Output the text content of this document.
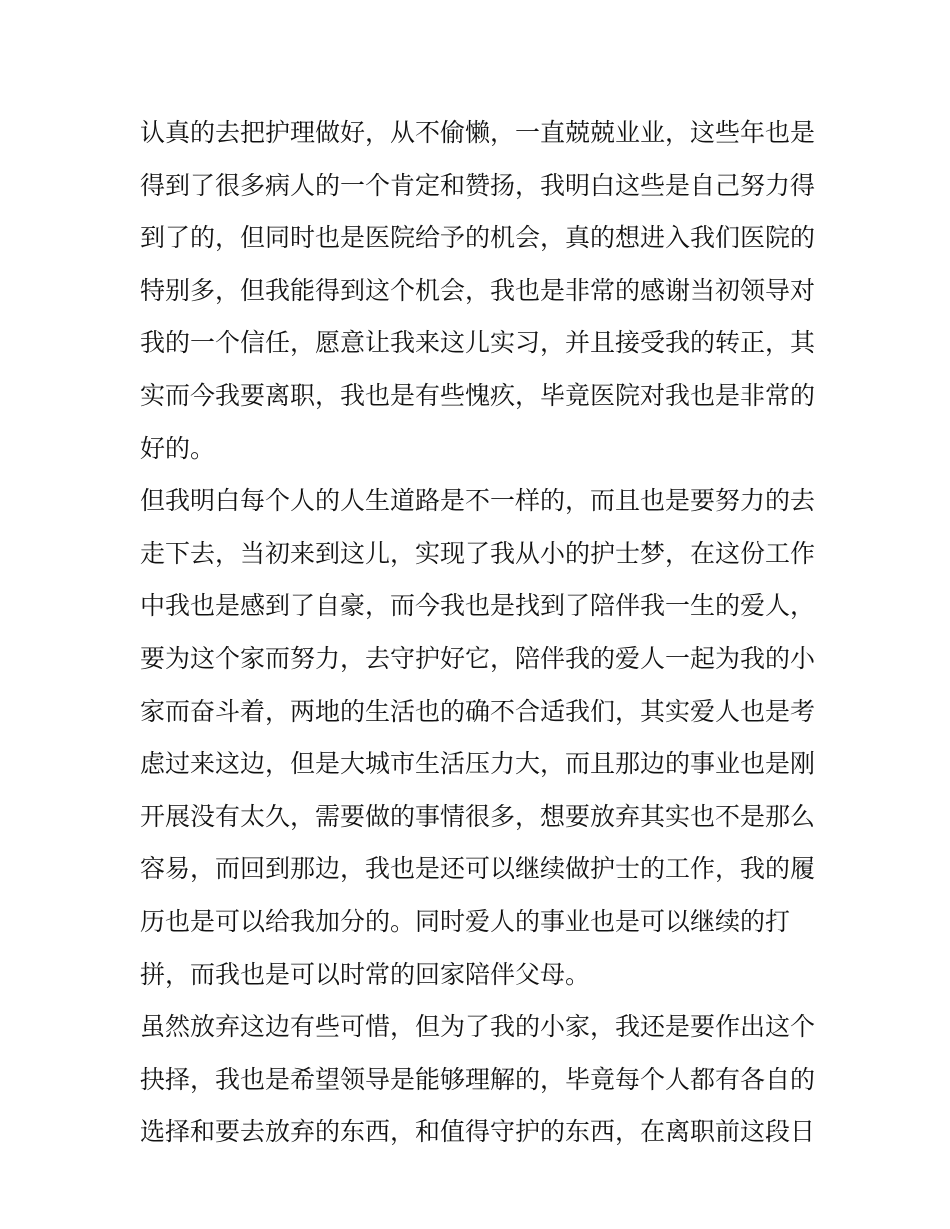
认真的去把护理做好，从不偷懒，一直兢兢业业，这些年也是
得到了很多病人的一个肯定和赞扬，我明白这些是自己努力得
到了的，但同时也是医院给予的机会，真的想进入我们医院的
特别多，但我能得到这个机会，我也是非常的感谢当初领导对
我的一个信任，愿意让我来这儿实习，并且接受我的转正，其
实而今我要离职，我也是有些愧疚，毕竟医院对我也是非常的
好的。
但我明白每个人的人生道路是不一样的，而且也是要努力的去
走下去，当初来到这儿，实现了我从小的护士梦，在这份工作
中我也是感到了自豪，而今我也是找到了陪伴我一生的爱人，
要为这个家而努力，去守护好它，陪伴我的爱人一起为我的小
家而奋斗着，两地的生活也的确不合适我们，其实爱人也是考
虑过来这边，但是大城市生活压力大，而且那边的事业也是刚
开展没有太久，需要做的事情很多，想要放弃其实也不是那么
容易，而回到那边，我也是还可以继续做护士的工作，我的履
历也是可以给我加分的。同时爱人的事业也是可以继续的打
拼，而我也是可以时常的回家陪伴父母。
虽然放弃这边有些可惜，但为了我的小家，我还是要作出这个
抉择，我也是希望领导是能够理解的，毕竟每个人都有各自的
选择和要去放弃的东西，和值得守护的东西，在离职前这段日
